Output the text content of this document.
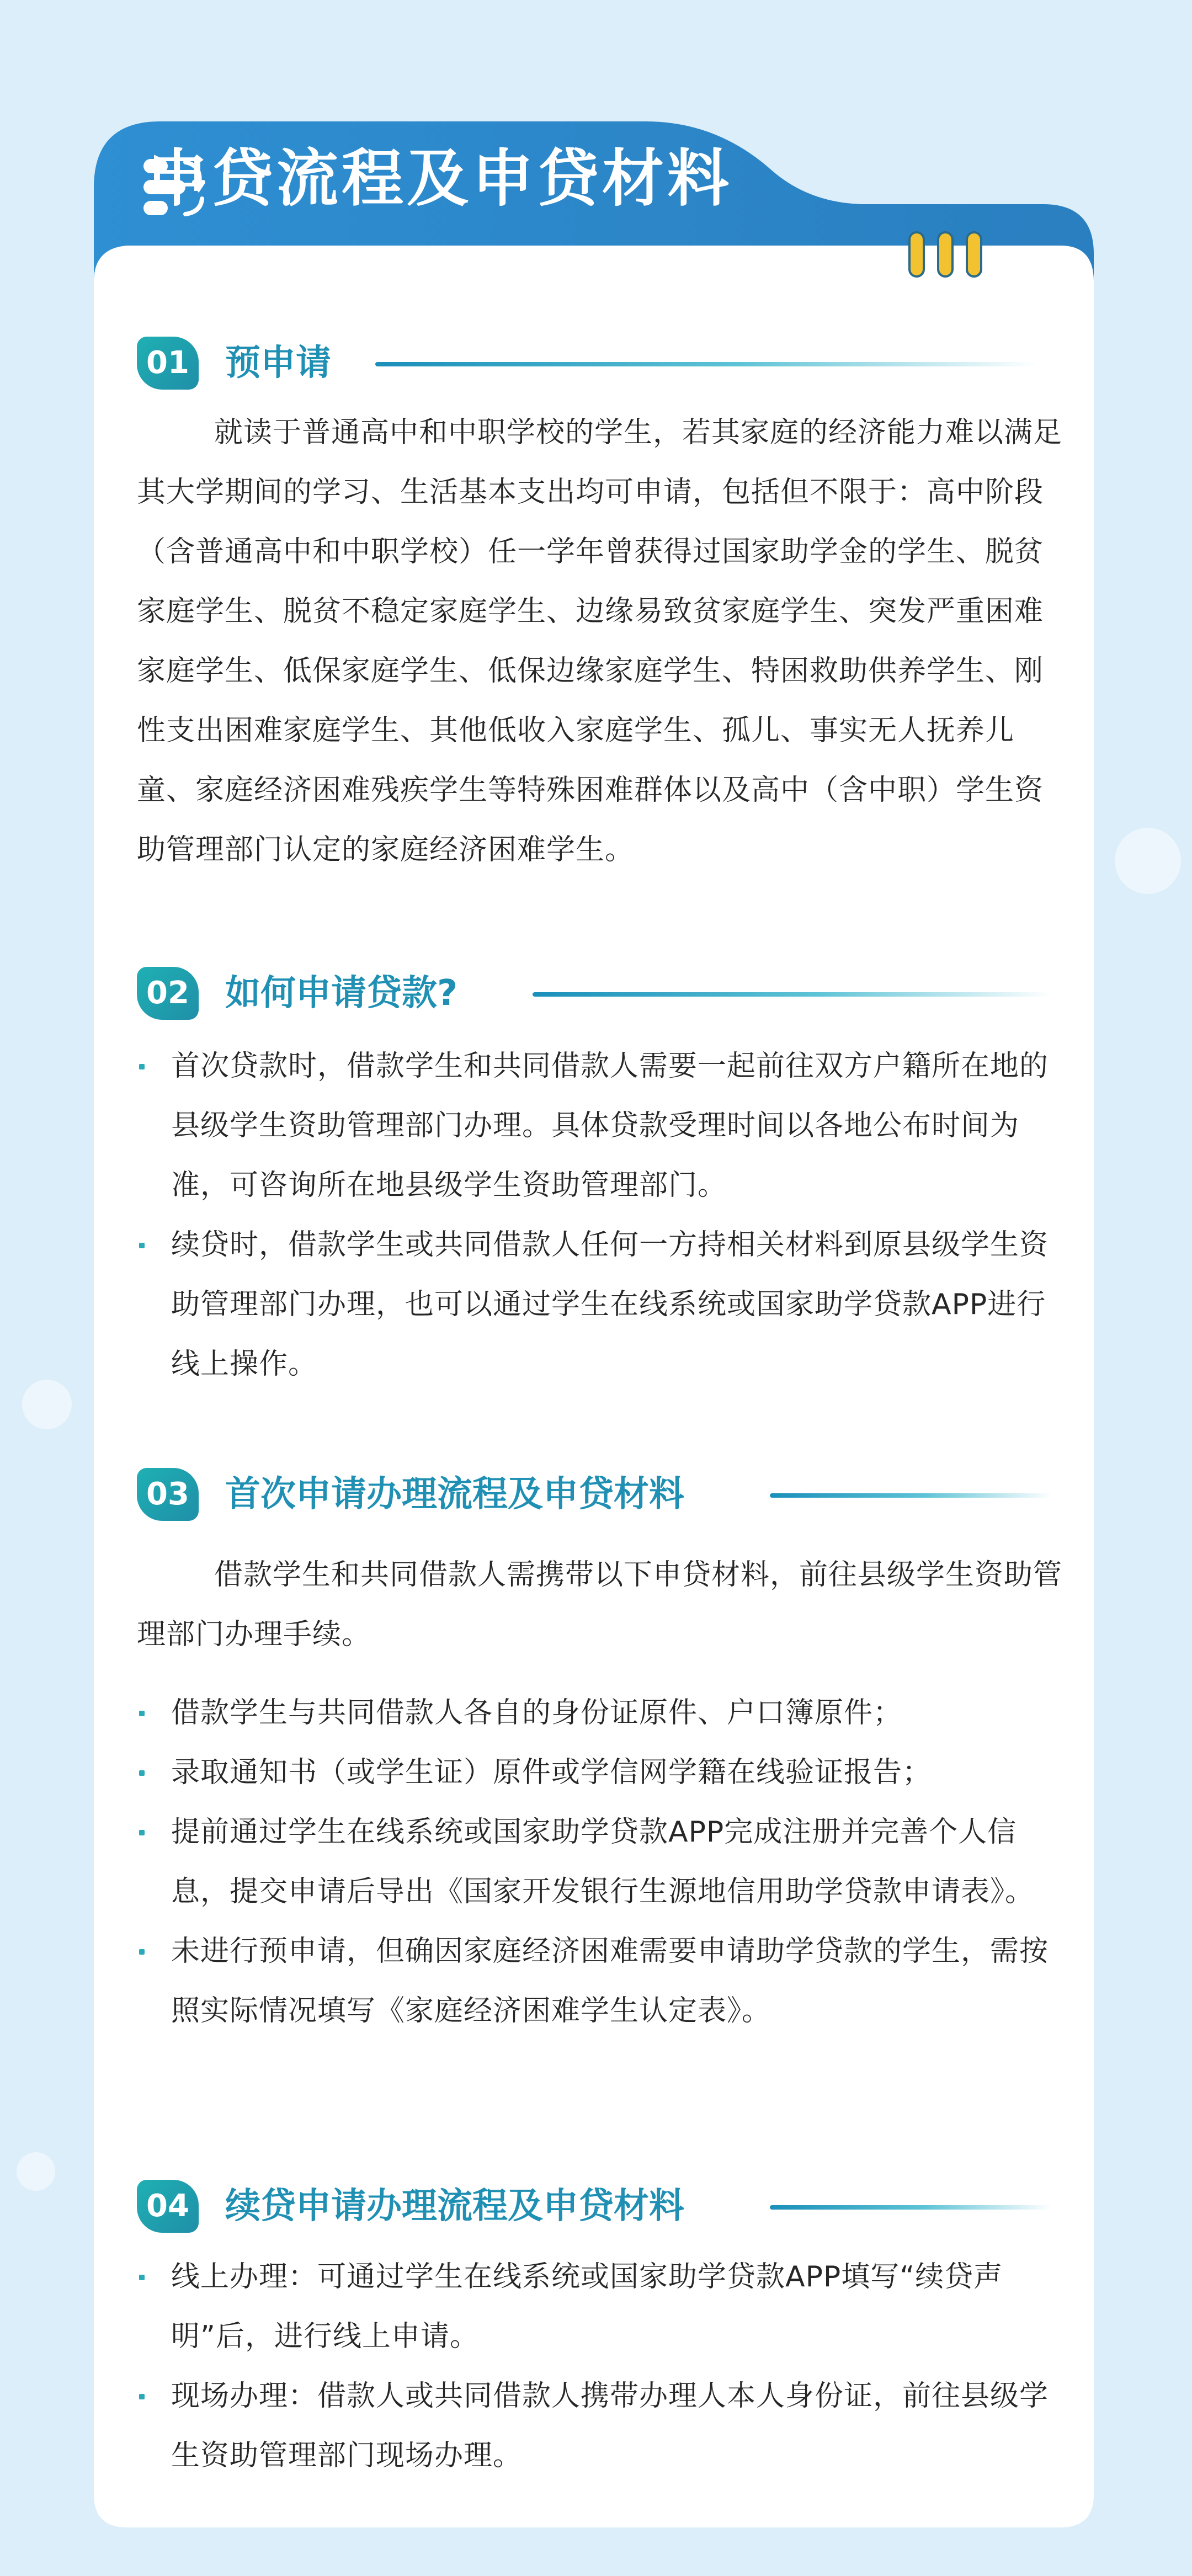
申贷流程及申贷材料
01 预申请

就读于普通高中和中职学校的学生，若其家庭的经济能力难以满足其大学期间的学习、生活基本支出均可申请，包括但不限于：高中阶段（含普通高中和中职学校）任一学年曾获得过国家助学金的学生、脱贫家庭学生、脱贫不稳定家庭学生、边缘易致贫家庭学生、突发严重困难家庭学生、低保家庭学生、低保边缘家庭学生、特困救助供养学生、刚性支出困难家庭学生、其他低收入家庭学生、孤儿、事实无人抚养儿童、家庭经济困难残疾学生等特殊困难群体以及高中（含中职）学生资助管理部门认定的家庭经济困难学生。

02 如何申请贷款?
首次贷款时，借款学生和共同借款人需要一起前往双方户籍所在地的县级学生资助管理部门办理。具体贷款受理时间以各地公布时间为准，可咨询所在地县级学生资助管理部门。
续贷时，借款学生或共同借款人任何一方持相关材料到原县级学生资助管理部门办理，也可以通过学生在线系统或国家助学贷款APP进行线上操作。
03 首次申请办理流程及申贷材料

借款学生和共同借款人需携带以下申贷材料，前往县级学生资助管理部门办理手续。

借款学生与共同借款人各自的身份证原件、户口簿原件；
录取通知书（或学生证）原件或学信网学籍在线验证报告；
提前通过学生在线系统或国家助学贷款APP完成注册并完善个人信息，提交申请后导出《国家开发银行生源地信用助学贷款申请表》。
未进行预申请，但确因家庭经济困难需要申请助学贷款的学生，需按照实际情况填写《家庭经济困难学生认定表》。
04 续贷申请办理流程及申贷材料
线上办理：可通过学生在线系统或国家助学贷款APP填写“续贷声明”后，进行线上申请。
现场办理：借款人或共同借款人携带办理人本人身份证，前往县级学生资助管理部门现场办理。
